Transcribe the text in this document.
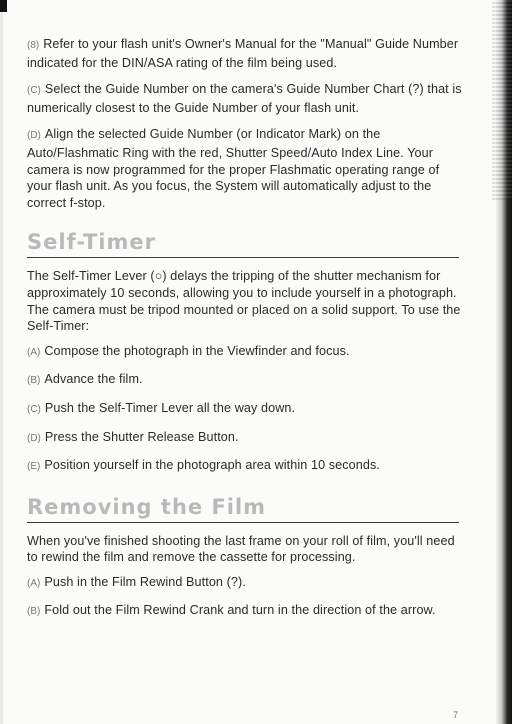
(8) Refer to your flash unit's Owner's Manual for the "Manual" Guide Number indicated for the DIN/ASA rating of the film being used.

(C) Select the Guide Number on the camera's Guide Number Chart (?) that is numerically closest to the Guide Number of your flash unit.

(D) Align the selected Guide Number (or Indicator Mark) on the Auto/Flashmatic Ring with the red, Shutter Speed/Auto Index Line. Your camera is now programmed for the proper Flashmatic operating range of your flash unit. As you focus, the System will automatically adjust to the correct f-stop.

Self-Timer

The Self-Timer Lever (○) delays the tripping of the shutter mechanism for approximately 10 seconds, allowing you to include yourself in a photograph. The camera must be tripod mounted or placed on a solid support. To use the Self-Timer:

(A) Compose the photograph in the Viewfinder and focus.

(B) Advance the film.

(C) Push the Self-Timer Lever all the way down.

(D) Press the Shutter Release Button.

(E) Position yourself in the photograph area within 10 seconds.

Removing the Film

When you've finished shooting the last frame on your roll of film, you'll need to rewind the film and remove the cassette for processing.

(A) Push in the Film Rewind Button (?).

(B) Fold out the Film Rewind Crank and turn in the direction of the arrow.

7
